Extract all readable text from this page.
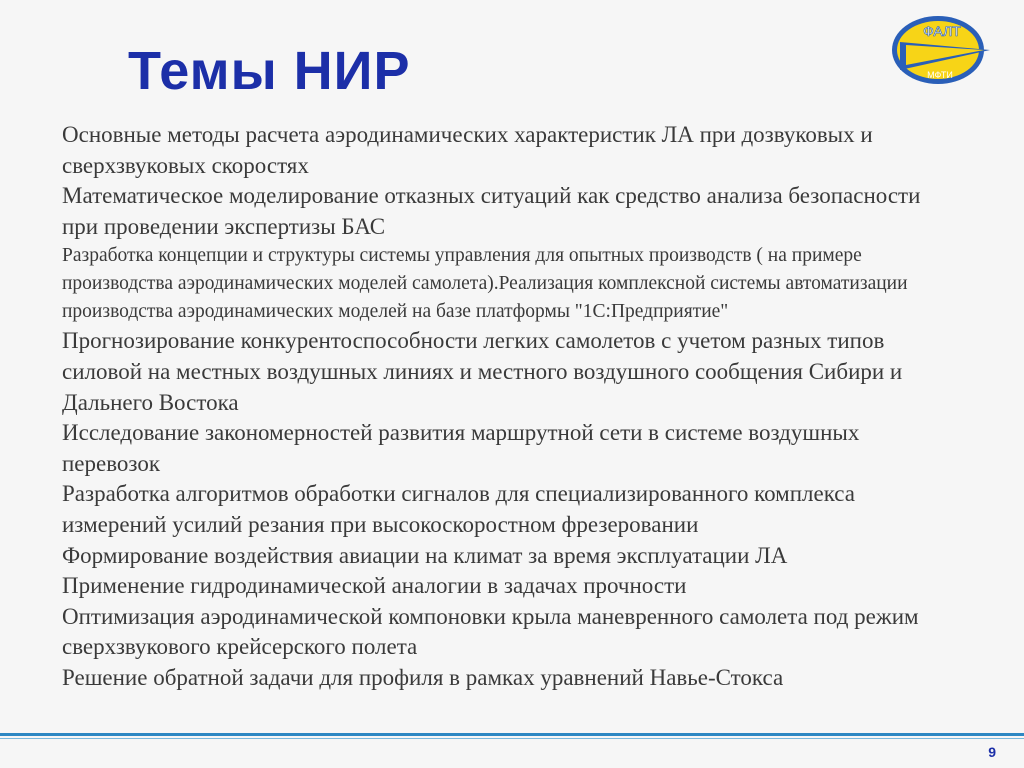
Темы НИР
ФАЛТ
МФТИ

Основные методы расчета аэродинамических характеристик ЛА при дозвуковых и сверхзвуковых скоростях

Математическое моделирование отказных ситуаций как средство анализа безопасности при проведении экспертизы БАС

Разработка концепции и структуры системы управления для опытных производств ( на примере производства аэродинамических моделей самолета).Реализация комплексной системы автоматизации производства аэродинамических моделей на базе платформы "1С:Предприятие"

Прогнозирование конкурентоспособности легких самолетов с учетом разных типов силовой на местных воздушных линиях и местного воздушного сообщения Сибири и Дальнего Востока

Исследование закономерностей развития маршрутной сети в системе воздушных перевозок

Разработка алгоритмов обработки сигналов для специализированного комплекса измерений усилий резания при высокоскоростном фрезеровании

Формирование воздействия авиации на климат за время эксплуатации ЛА

Применение гидродинамической аналогии в задачах прочности

Оптимизация аэродинамической компоновки крыла маневренного самолета под режим сверхзвукового крейсерского полета

Решение обратной задачи для профиля в рамках уравнений Навье-Стокса

9
